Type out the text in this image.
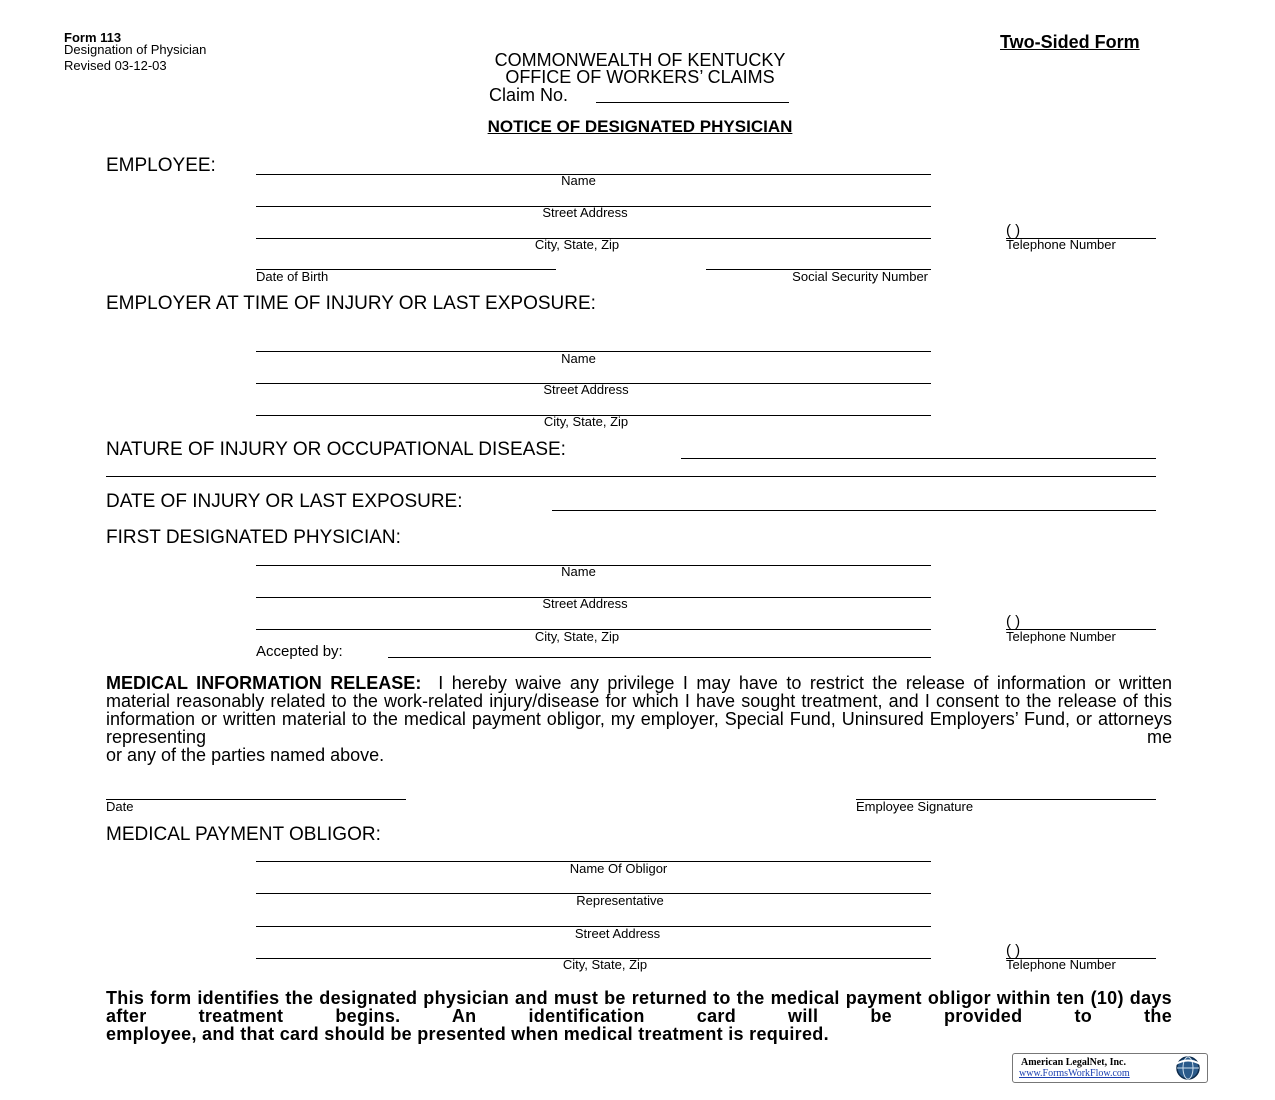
Form 113
Designation of Physician
Revised 03-12-03
Two-Sided Form
COMMONWEALTH OF KENTUCKY
OFFICE OF WORKERS’ CLAIMS
Claim No.
NOTICE OF DESIGNATED PHYSICIAN
EMPLOYEE:
Name
Street Address
City, State, Zip
( )
Telephone Number
Date of Birth	Social Security Number
EMPLOYER AT TIME OF INJURY OR LAST EXPOSURE:
Name
Street Address
City, State, Zip
NATURE OF INJURY OR OCCUPATIONAL DISEASE:
DATE OF INJURY OR LAST EXPOSURE:
FIRST DESIGNATED PHYSICIAN:
Name
Street Address
City, State, Zip
( )
Telephone Number
Accepted by:
MEDICAL INFORMATION RELEASE: I hereby waive any privilege I may have to restrict the release of information or written material reasonably related to the work-related injury/disease for which I have sought treatment, and I consent to the release of this information or written material to the medical payment obligor, my employer, Special Fund, Uninsured Employers’ Fund, or attorneys representing me
or any of the parties named above.
Date	Employee Signature
MEDICAL PAYMENT OBLIGOR:
Name Of Obligor
Representative
Street Address
City, State, Zip
( )
Telephone Number
This form identifies the designated physician and must be returned to the medical payment obligor within ten (10) days after treatment begins. An identification card will be provided to the
employee, and that card should be presented when medical treatment is required.
American LegalNet, Inc.
www.FormsWorkFlow.com
